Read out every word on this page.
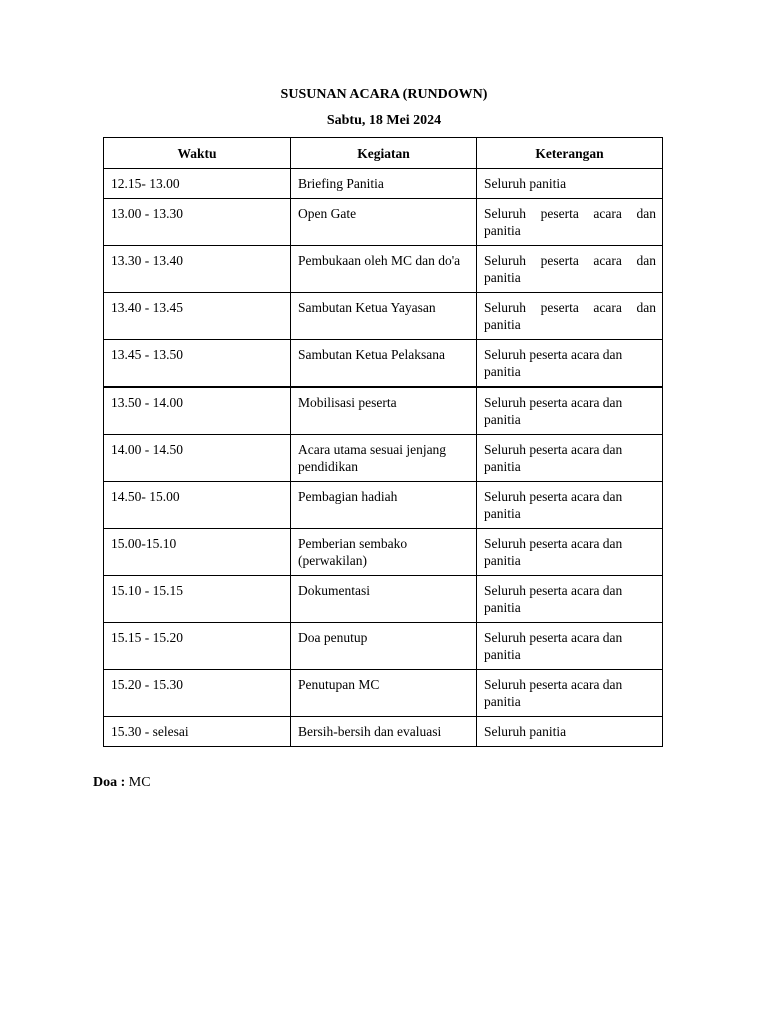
SUSUNAN ACARA (RUNDOWN)
Sabtu, 18 Mei 2024
Waktu	Kegiatan	Keterangan
12.15- 13.00	Briefing Panitia	Seluruh panitia
13.00 - 13.30	Open Gate	Seluruh peserta acara dan panitia
13.30 - 13.40	Pembukaan oleh MC dan do'a	Seluruh peserta acara dan panitia
13.40 - 13.45	Sambutan Ketua Yayasan	Seluruh peserta acara dan panitia
13.45 - 13.50	Sambutan Ketua Pelaksana	Seluruh peserta acara dan panitia
13.50 - 14.00	Mobilisasi peserta	Seluruh peserta acara dan panitia
14.00 - 14.50	Acara utama sesuai jenjang pendidikan	Seluruh peserta acara dan panitia
14.50- 15.00	Pembagian hadiah	Seluruh peserta acara dan panitia
15.00-15.10	Pemberian sembako (perwakilan)	Seluruh peserta acara dan panitia
15.10 - 15.15	Dokumentasi	Seluruh peserta acara dan panitia
15.15 - 15.20	Doa penutup	Seluruh peserta acara dan panitia
15.20 - 15.30	Penutupan MC	Seluruh peserta acara dan panitia
15.30 - selesai	Bersih-bersih dan evaluasi	Seluruh panitia
Doa : MC
